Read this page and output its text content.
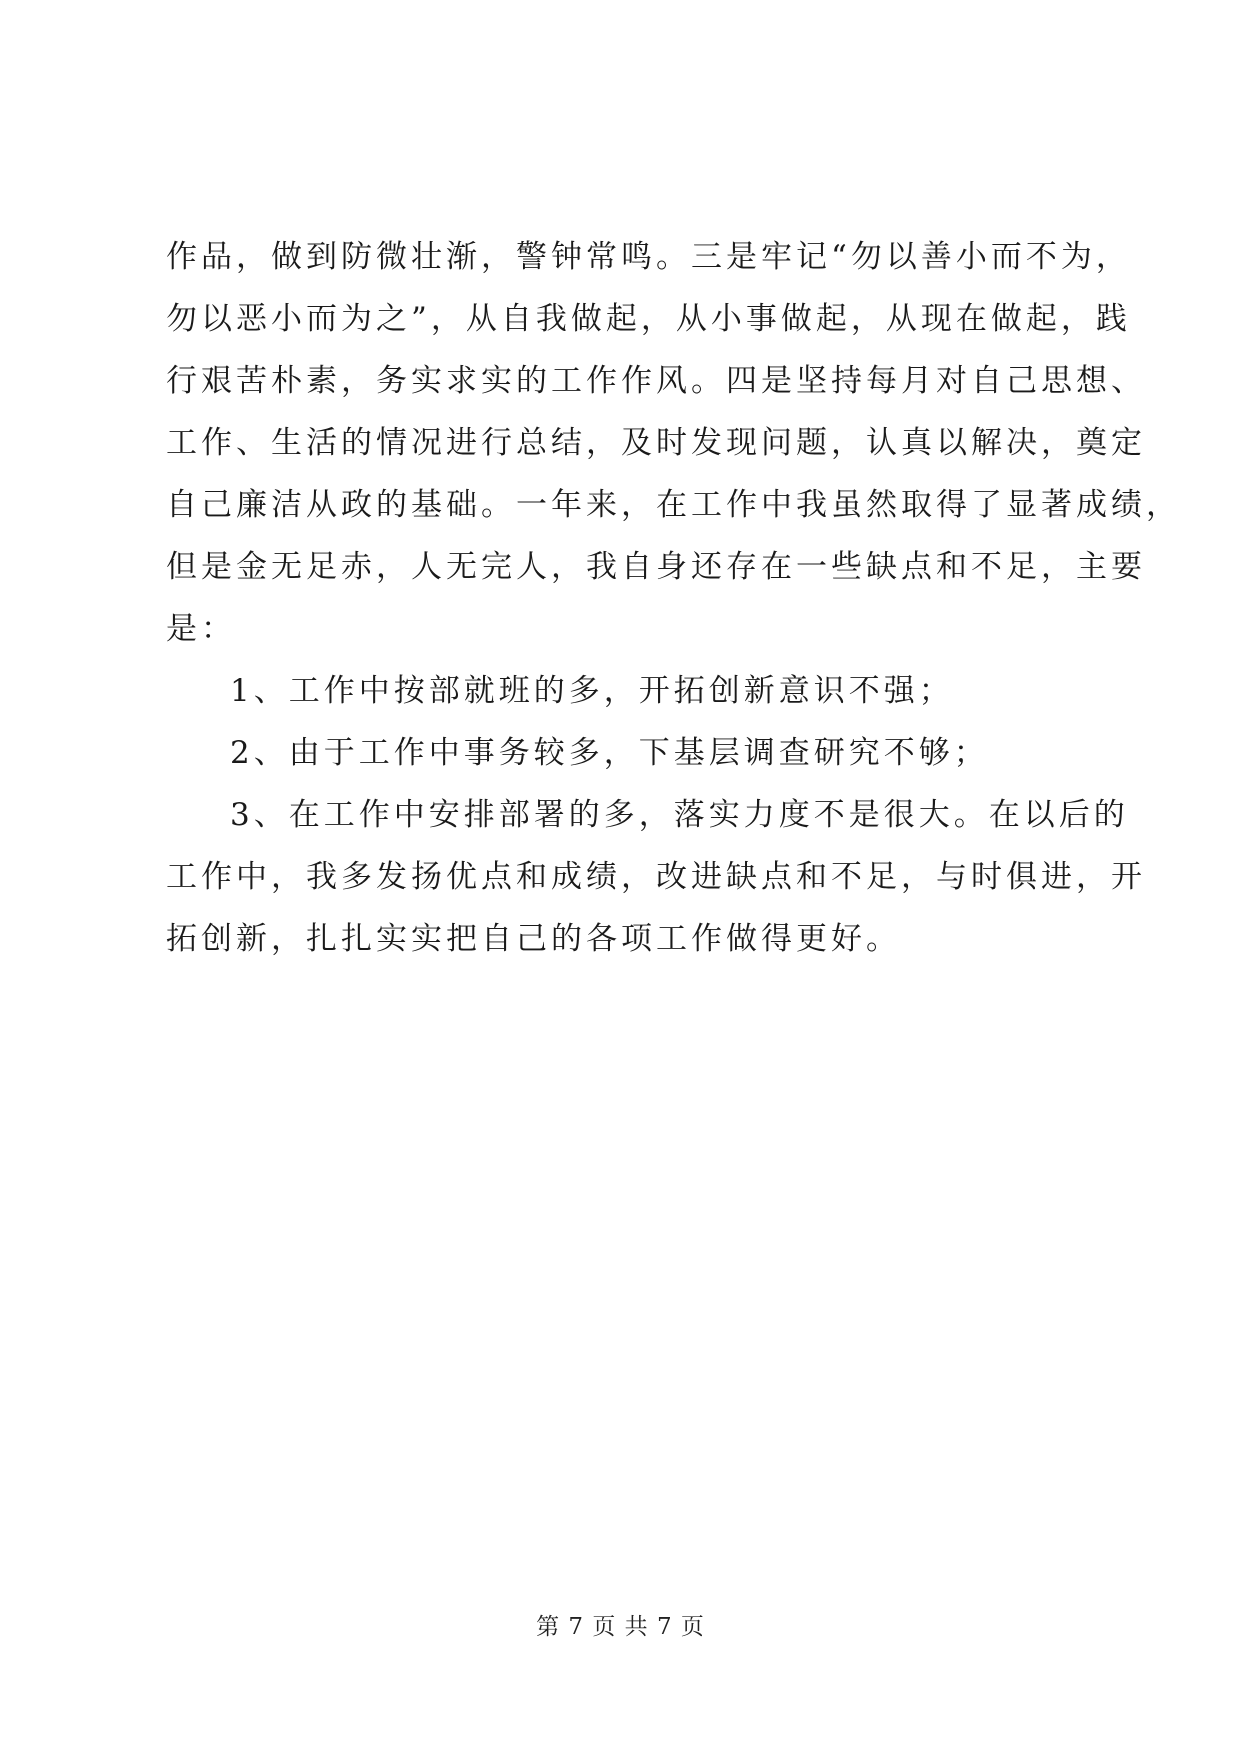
作品，做到防微壮渐，警钟常鸣。三是牢记“勿以善小而不为，
勿以恶小而为之”，从自我做起，从小事做起，从现在做起，践
行艰苦朴素，务实求实的工作作风。四是坚持每月对自己思想、
工作、生活的情况进行总结，及时发现问题，认真以解决，奠定
自己廉洁从政的基础。一年来，在工作中我虽然取得了显著成绩，
但是金无足赤，人无完人，我自身还存在一些缺点和不足，主要
是：
1、工作中按部就班的多，开拓创新意识不强；
2、由于工作中事务较多，下基层调查研究不够；
3、在工作中安排部署的多，落实力度不是很大。在以后的
工作中，我多发扬优点和成绩，改进缺点和不足，与时俱进，开
拓创新，扎扎实实把自己的各项工作做得更好。
第 7 页 共 7 页
